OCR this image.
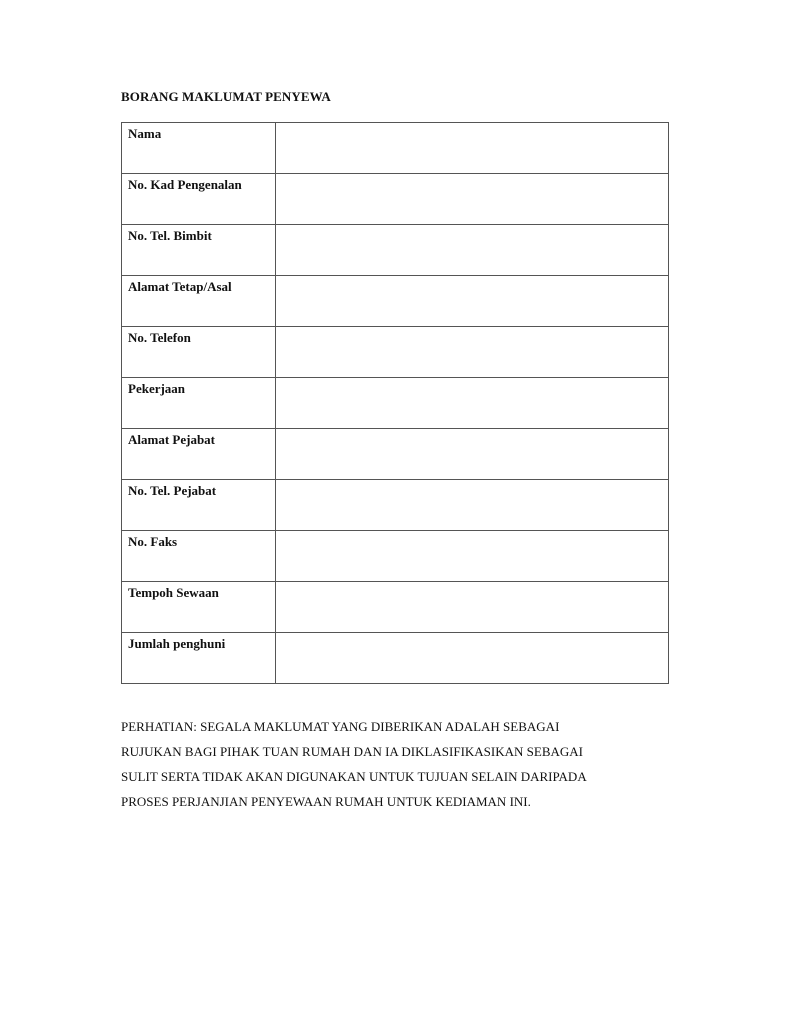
BORANG MAKLUMAT PENYEWA
Nama	
No. Kad Pengenalan	
No. Tel. Bimbit	
Alamat Tetap/Asal	
No. Telefon	
Pekerjaan	
Alamat Pejabat	
No. Tel. Pejabat	
No. Faks	
Tempoh Sewaan	
Jumlah penghuni	

PERHATIAN: SEGALA MAKLUMAT YANG DIBERIKAN ADALAH SEBAGAI
RUJUKAN BAGI PIHAK TUAN RUMAH DAN IA DIKLASIFIKASIKAN SEBAGAI
SULIT SERTA TIDAK AKAN DIGUNAKAN UNTUK TUJUAN SELAIN DARIPADA
PROSES PERJANJIAN PENYEWAAN RUMAH UNTUK KEDIAMAN INI.
